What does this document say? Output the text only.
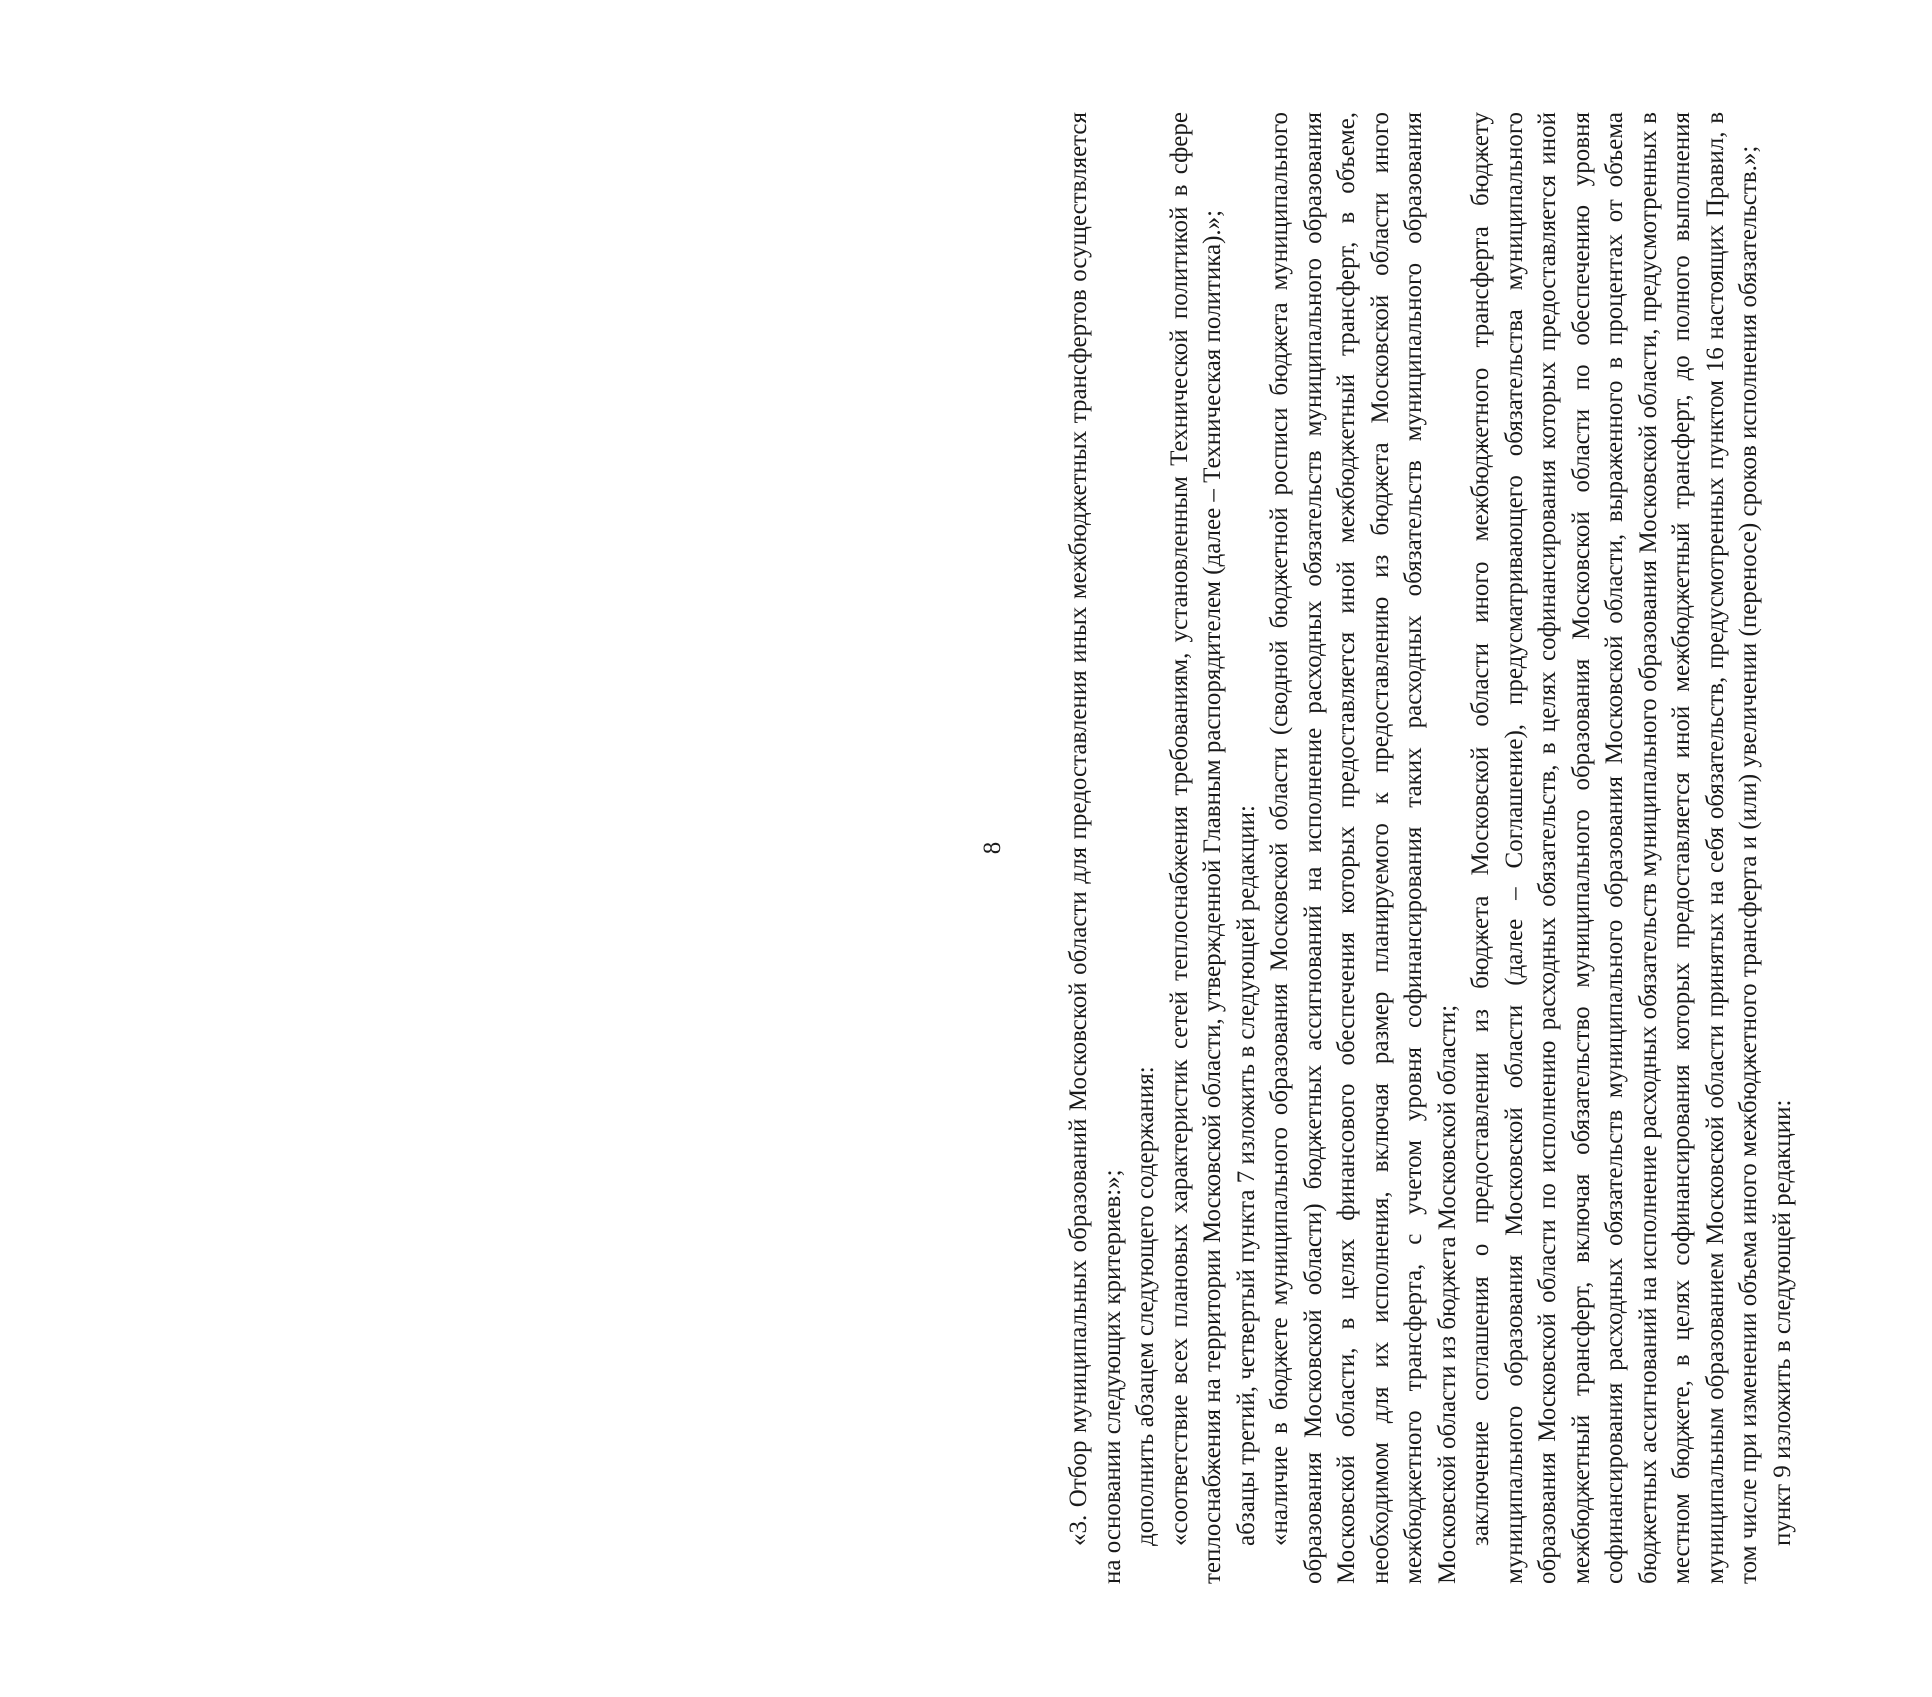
8 «3. Отбор муниципальных образований Московской области для предоставления иных межбюджетных трансфертов осуществляется на основании следующих критериев:»; дополнить абзацем следующего содержания: «соответствие всех плановых характеристик сетей теплоснабжения требованиям, установленным Технической политикой в сфере теплоснабжения на территории Московской области, утвержденной Главным распорядителем (далее – Техническая политика).»; абзацы третий, четвертый пункта 7 изложить в следующей редакции: «наличие в бюджете муниципального образования Московской области (сводной бюджетной росписи бюджета муниципального образования Московской области) бюджетных ассигнований на исполнение расходных обязательств муниципального образования Московской области, в целях финансового обеспечения которых предоставляется иной межбюджетный трансферт, в объеме, необходимом для их исполнения, включая размер планируемого к предоставлению из бюджета Московской области иного межбюджетного трансферта, с учетом уровня софинансирования таких расходных обязательств муниципального образования Московской области из бюджета Московской области; заключение соглашения о предоставлении из бюджета Московской области иного межбюджетного трансферта бюджету муниципального образования Московской области (далее – Соглашение), предусматривающего обязательства муниципального образования Московской области по исполнению расходных обязательств, в целях софинансирования которых предоставляется иной межбюджетный трансферт, включая обязательство муниципального образования Московской области по обеспечению уровня софинансирования расходных обязательств муниципального образования Московской области, выраженного в процентах от объема бюджетных ассигнований на исполнение расходных обязательств муниципального образования Московской области, предусмотренных в местном бюджете, в целях софинансирования которых предоставляется иной межбюджетный трансферт, до полного выполнения муниципальным образованием Московской области принятых на себя обязательств, предусмотренных пунктом 16 настоящих Правил, в том числе при изменении объема иного межбюджетного трансферта и (или) увеличении (переносе) сроков исполнения обязательств.»; пункт 9 изложить в следующей редакции:
